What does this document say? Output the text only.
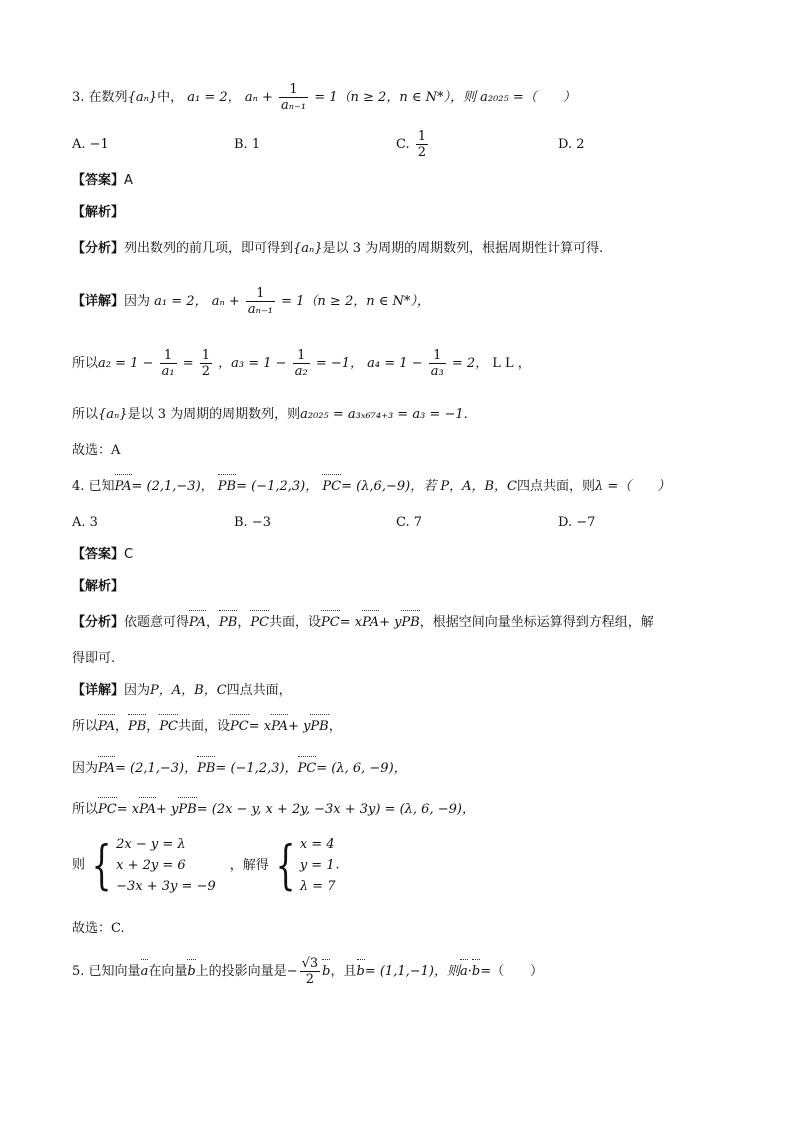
3. 在数列{aₙ}中， a₁ = 2， $a_n + \frac{1}{\text{aₙ₋₁}} = 1(n \ge 2$，n ∈ N*），则 a₂₀₂₅ =（　　）
A. −1	B. 1	C. $\frac{1}{2}$	D. 2
【答案】A
【解析】
【分析】列出数列的前几项，即可得到{aₙ}是以 3 为周期的周期数列，根据周期性计算可得.
【详解】因为 a₁ = 2， $a_n + \frac{1}{\text{aₙ₋₁}} = 1(n \ge 2$，n ∈ N*），
所以$a_2 = 1 - \frac{1}{\text{a₁}} = \frac{1}{2}$ ，$a_3 = 1 - \frac{1}{\text{a₂}} = -1$， $a_4 = 1 - \frac{1}{\text{a₃}} = 2$， L L ，
所以{aₙ}是以 3 为周期的周期数列，则a₂₀₂₅ = a₃ₓ₆₇₄₊₃ = a₃ = −1.
故选：A
4. 已知PA= (2,1,−3)， PB= (−1,2,3)， PC= (λ,6,−9)，若 P，A，B，C四点共面，则λ =（　　）
A. 3	B. −3	C. 7	D. −7
【答案】C
【解析】
【分析】依题意可得PA，PB，PC共面，设PC= xPA+ yPB，根据空间向量坐标运算得到方程组，解
得即可.
【详解】因为P，A，B，C四点共面，
所以PA，PB，PC共面，设PC= xPA+ yPB，
因为PA= (2,1,−3)，PB= (−1,2,3)，PC= (λ, 6, −9)，
所以PC= xPA+ yPB= (2x − y, x + 2y, −3x + 3y) = (λ, 6, −9)，
则 { 2x − y = λ
x + 2y = 6
−3x + 3y = −9
，解得 { x = 4
y = 1
λ = 7
.
故选：C.
5. 已知向量a在向量b上的投影向量是− $\frac{√3}{2}$ b，且b= (1,1,−1)，则a·b=（　　）
